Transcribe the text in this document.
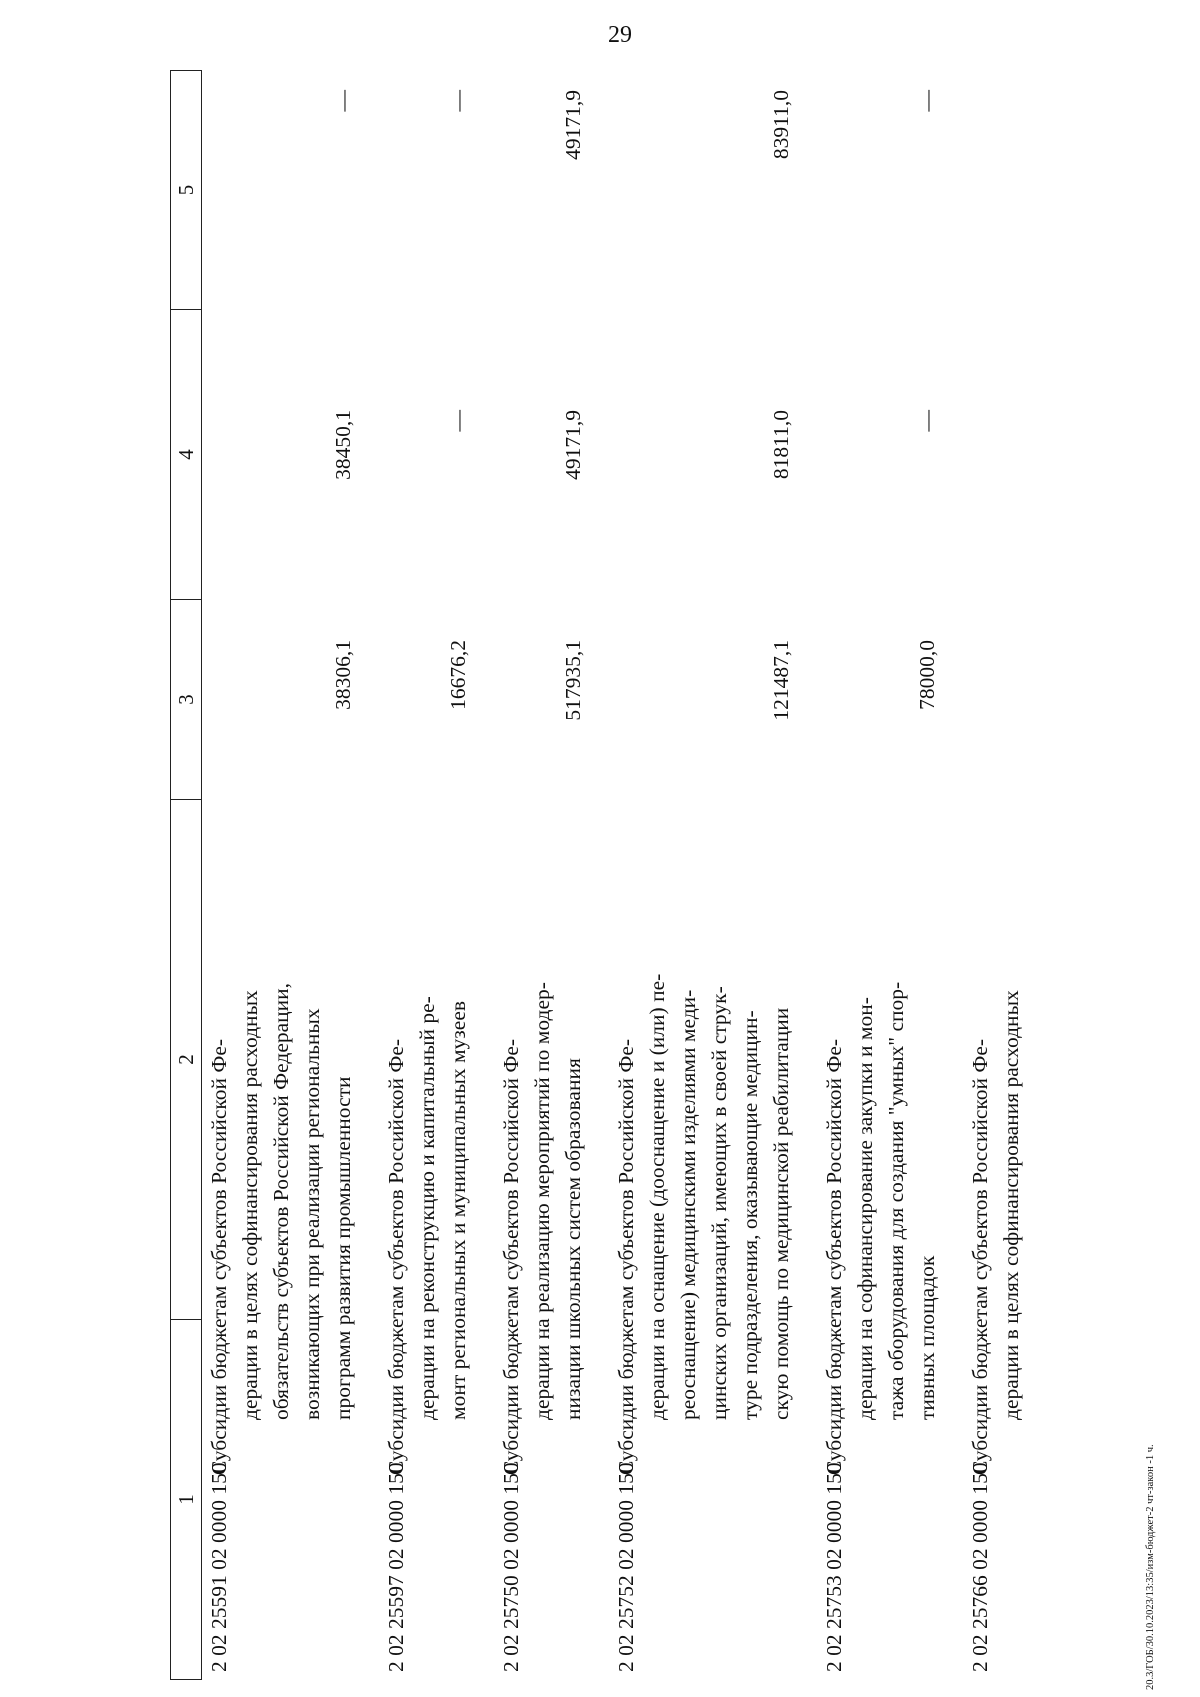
29
20.3/ГОБ/30.10.2023/13:35/изм-бюджет-2 чт-закон -1 ч.
1
2
3
4
5
2 02 25591 02 0000 150
Субсидии бюджетам субъектов Российской Фе- дерации в целях софинансирования расходных обязательств субъектов Российской Федерации, возникающих при реализации региональных программ развития промышленности
38306,1
38450,1
—
2 02 25597 02 0000 150
Субсидии бюджетам субъектов Российской Фе- дерации на реконструкцию и капитальный ре- монт региональных и муниципальных музеев
16676,2
—
—
2 02 25750 02 0000 150
Субсидии бюджетам субъектов Российской Фе- дерации на реализацию мероприятий по модер- низации школьных систем образования
517935,1
49171,9
49171,9
2 02 25752 02 0000 150
Субсидии бюджетам субъектов Российской Фе- дерации на оснащение (дооснащение и (или) пе- реоснащение) медицинскими изделиями меди- цинских организаций, имеющих в своей струк- туре подразделения, оказывающие медицин- скую помощь по медицинской реабилитации
121487,1
81811,0
83911,0
2 02 25753 02 0000 150
Субсидии бюджетам субъектов Российской Фе- дерации на софинансирование закупки и мон- тажа оборудования для создания "умных" спор- тивных площадок
78000,0
—
—
2 02 25766 02 0000 150
Субсидии бюджетам субъектов Российской Фе- дерации в целях софинансирования расходных
